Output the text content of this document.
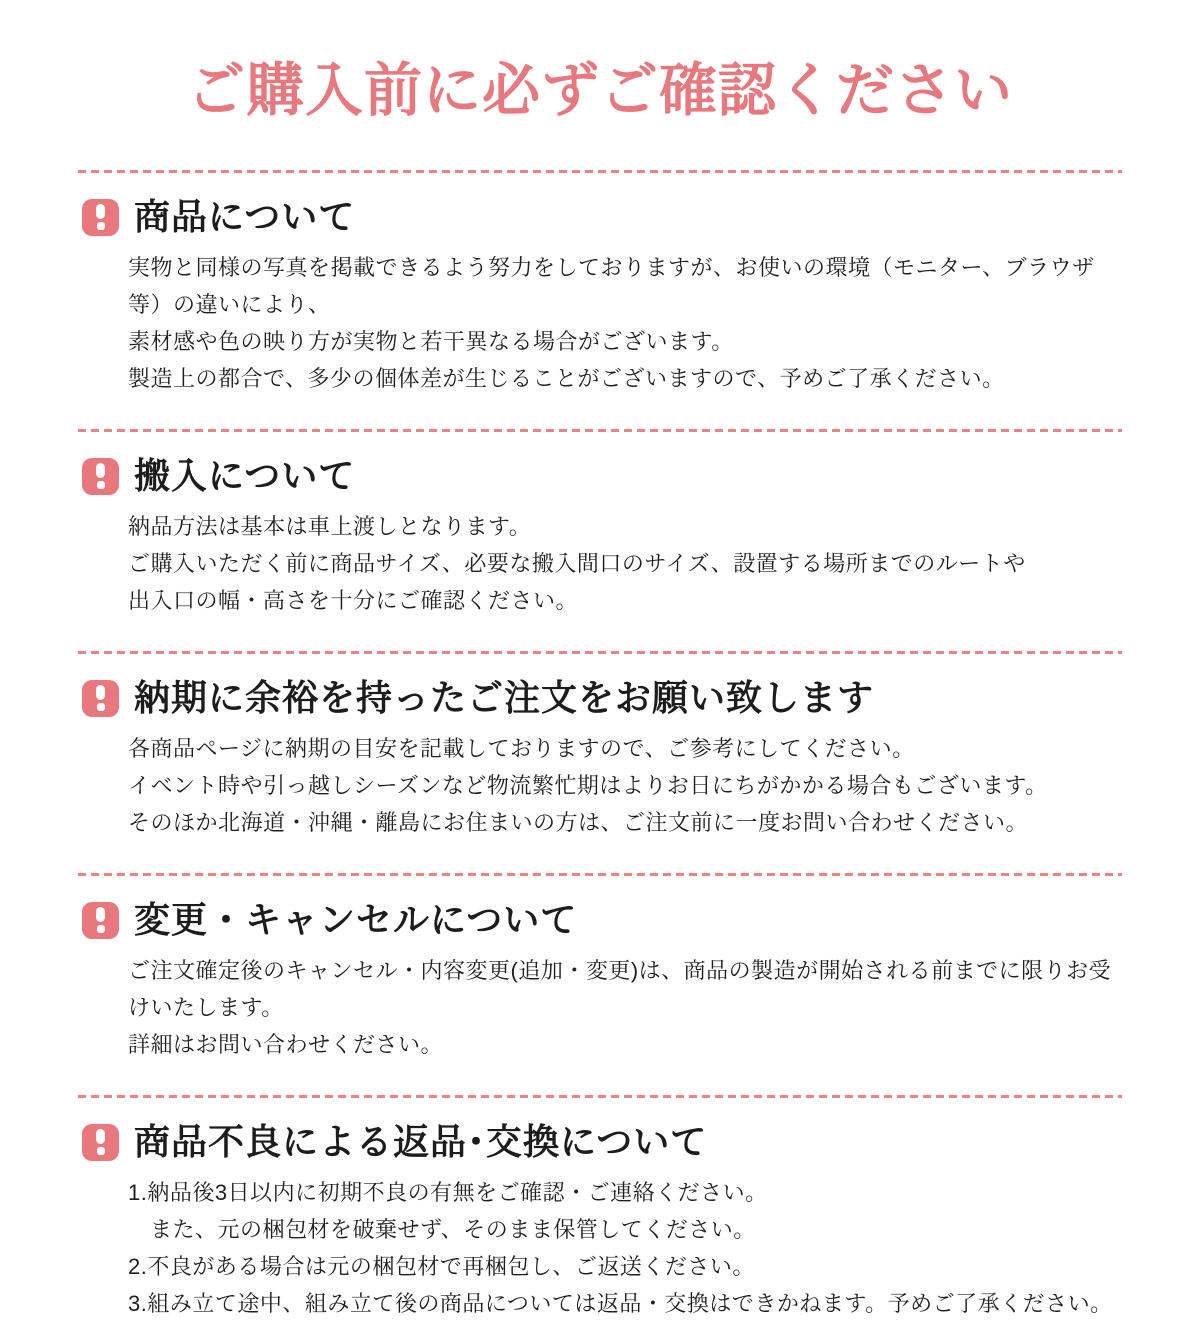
ご購入前に必ずご確認ください
商品について
実物と同様の写真を掲載できるよう努力をしておりますが、お使いの環境（モニター、ブラウザ等）の違いにより、
素材感や色の映り方が実物と若干異なる場合がございます。
製造上の都合で、多少の個体差が生じることがございますので、予めご了承ください。
搬入について
納品方法は基本は車上渡しとなります。
ご購入いただく前に商品サイズ、必要な搬入間口のサイズ、設置する場所までのルートや
出入口の幅・高さを十分にご確認ください。
納期に余裕を持ったご注文をお願い致します
各商品ページに納期の目安を記載しておりますので、ご参考にしてください。
イベント時や引っ越しシーズンなど物流繁忙期はよりお日にちがかかる場合もございます。
そのほか北海道・沖縄・離島にお住まいの方は、ご注文前に一度お問い合わせください。
変更・キャンセルについて
ご注文確定後のキャンセル・内容変更(追加・変更)は、商品の製造が開始される前までに限りお受けいたします。
詳細はお問い合わせください。
商品不良による返品･交換について
1.納品後3日以内に初期不良の有無をご確認・ご連絡ください。
また、元の梱包材を破棄せず、そのまま保管してください。
2.不良がある場合は元の梱包材で再梱包し、ご返送ください。
3.組み立て途中、組み立て後の商品については返品・交換はできかねます。予めご了承ください。
